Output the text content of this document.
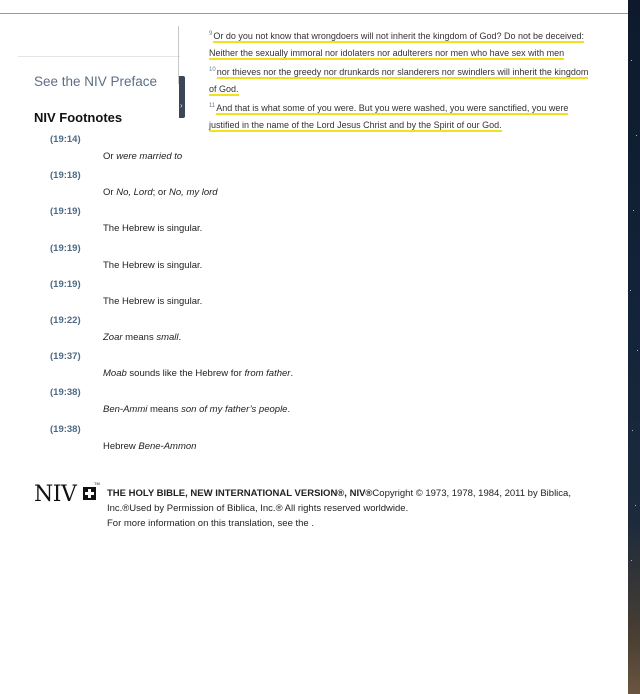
›
See the NIV Preface
NIV Footnotes

$^9$Or do you not know that wrongdoers will not inherit the kingdom of God? Do not be deceived:
Neither the sexually immoral nor idolaters nor adulterers nor men who have sex with men

$^{10}$nor thieves nor the greedy nor drunkards nor slanderers nor swindlers will inherit the kingdom
of God.

$^{11}$And that is what some of you were. But you were washed, you were sanctified, you were
justified in the name of the Lord Jesus Christ and by the Spirit of our God.

(19:14)
Or were married to
(19:18)
Or No, Lord; or No, my lord
(19:19)
The Hebrew is singular.
(19:19)
The Hebrew is singular.
(19:19)
The Hebrew is singular.
(19:22)
Zoar means small.
(19:37)
Moab sounds like the Hebrew for from father.
(19:38)
Ben-Ammi means son of my father’s people.
(19:38)
Hebrew Bene-Ammon
NIV	TM
THE HOLY BIBLE, NEW INTERNATIONAL VERSION®, NIV®Copyright © 1973, 1978, 1984, 2011 by Biblica,
Inc.®Used by Permission of Biblica, Inc.® All rights reserved worldwide.
For more information on this translation, see the .
